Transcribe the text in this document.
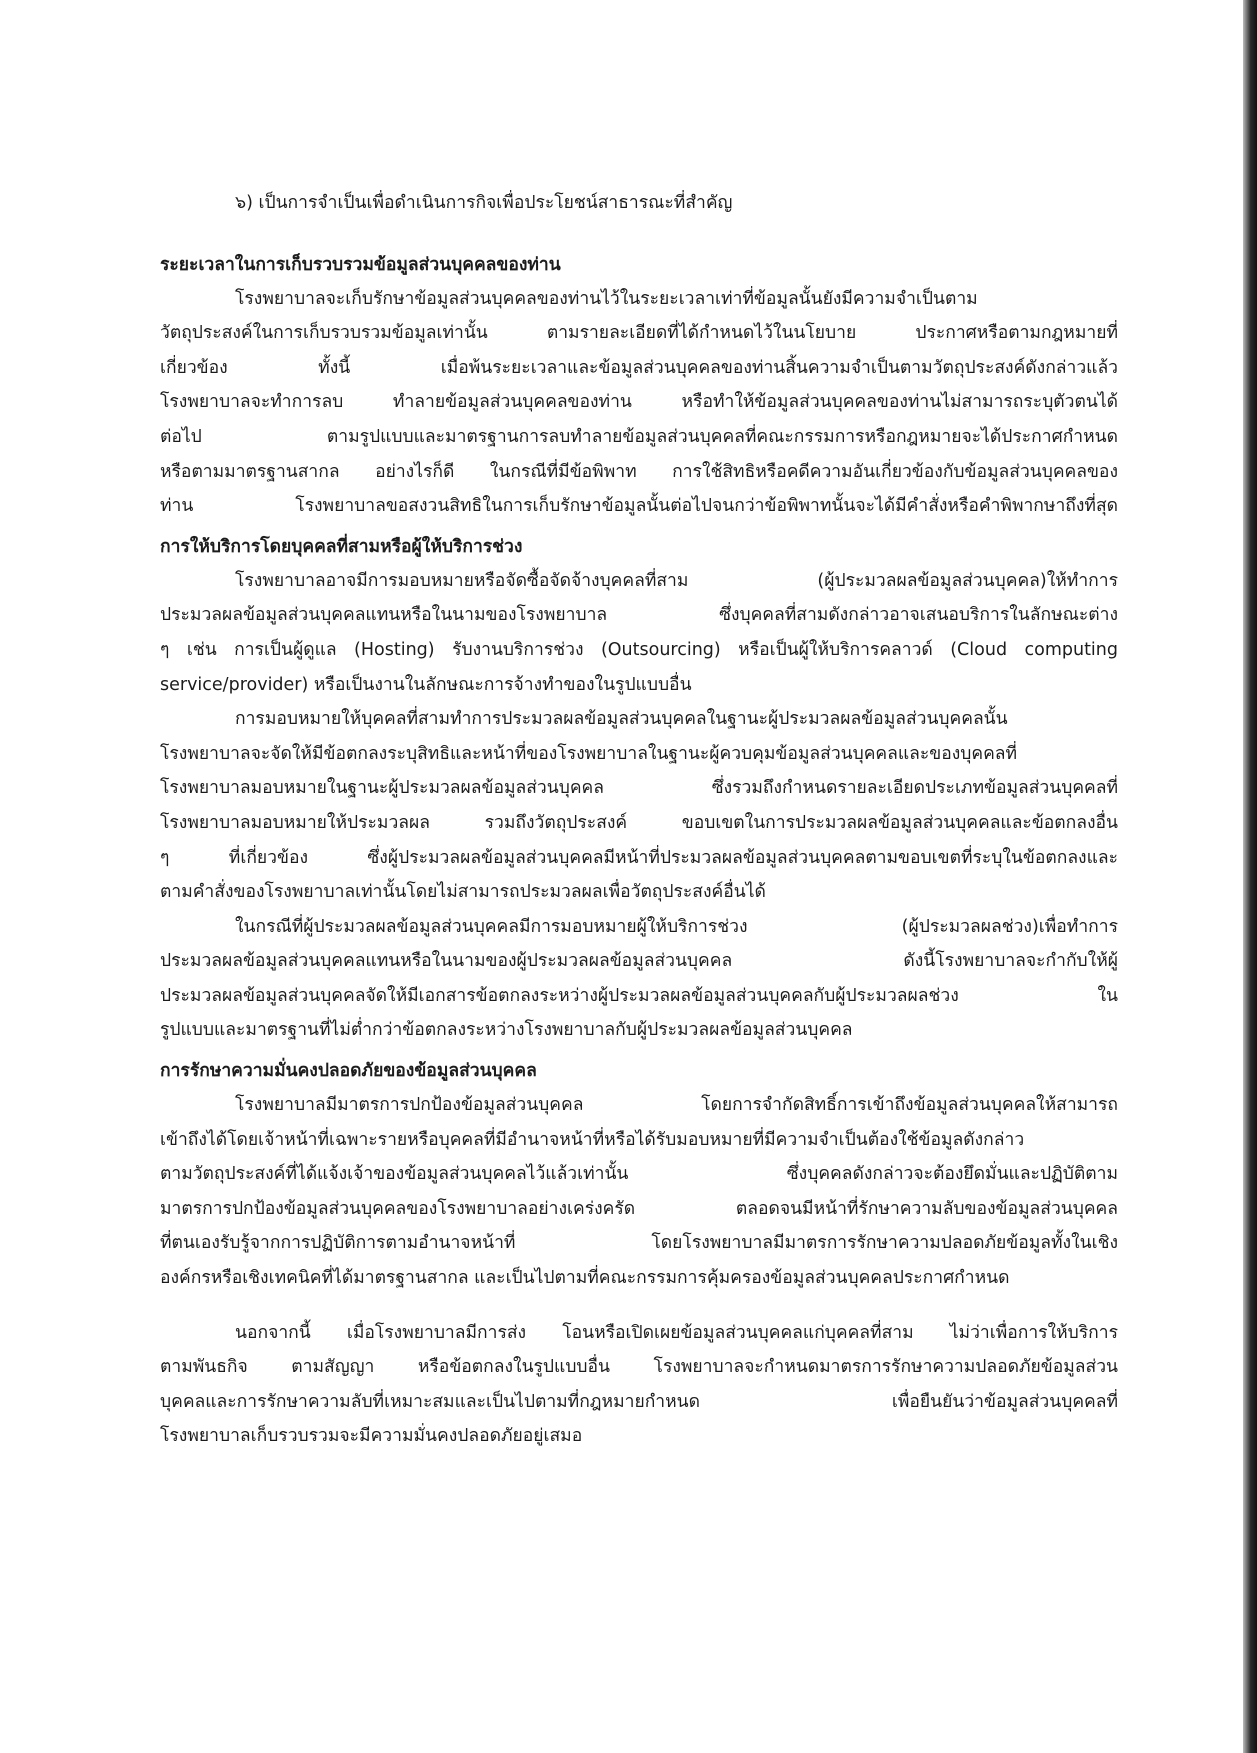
๖) เป็นการจำเป็นเพื่อดำเนินการกิจเพื่อประโยชน์สาธารณะที่สำคัญ

ระยะเวลาในการเก็บรวบรวมข้อมูลส่วนบุคคลของท่าน

โรงพยาบาลจะเก็บรักษาข้อมูลส่วนบุคคลของท่านไว้ในระยะเวลาเท่าที่ข้อมูลนั้นยังมีความจำเป็นตาม

วัตถุประสงค์ในการเก็บรวบรวมข้อมูลเท่านั้น ตามรายละเอียดที่ได้กำหนดไว้ในนโยบาย ประกาศหรือตามกฎหมายที่

เกี่ยวข้อง ทั้งนี้ เมื่อพ้นระยะเวลาและข้อมูลส่วนบุคคลของท่านสิ้นความจำเป็นตามวัตถุประสงค์ดังกล่าวแล้ว

โรงพยาบาลจะทำการลบ ทำลายข้อมูลส่วนบุคคลของท่าน หรือทำให้ข้อมูลส่วนบุคคลของท่านไม่สามารถระบุตัวตนได้

ต่อไป ตามรูปแบบและมาตรฐานการลบทำลายข้อมูลส่วนบุคคลที่คณะกรรมการหรือกฎหมายจะได้ประกาศกำหนด

หรือตามมาตรฐานสากล อย่างไรก็ดี ในกรณีที่มีข้อพิพาท การใช้สิทธิหรือคดีความอันเกี่ยวข้องกับข้อมูลส่วนบุคคลของ

ท่าน โรงพยาบาลขอสงวนสิทธิในการเก็บรักษาข้อมูลนั้นต่อไปจนกว่าข้อพิพาทนั้นจะได้มีคำสั่งหรือคำพิพากษาถึงที่สุด

การให้บริการโดยบุคคลที่สามหรือผู้ให้บริการช่วง

โรงพยาบาลอาจมีการมอบหมายหรือจัดซื้อจัดจ้างบุคคลที่สาม (ผู้ประมวลผลข้อมูลส่วนบุคคล)ให้ทำการ

ประมวลผลข้อมูลส่วนบุคคลแทนหรือในนามของโรงพยาบาล ซึ่งบุคคลที่สามดังกล่าวอาจเสนอบริการในลักษณะต่าง

ๆ เช่น การเป็นผู้ดูแล (Hosting) รับงานบริการช่วง (Outsourcing) หรือเป็นผู้ให้บริการคลาวด์ (Cloud computing

service/provider) หรือเป็นงานในลักษณะการจ้างทำของในรูปแบบอื่น

การมอบหมายให้บุคคลที่สามทำการประมวลผลข้อมูลส่วนบุคคลในฐานะผู้ประมวลผลข้อมูลส่วนบุคคลนั้น

โรงพยาบาลจะจัดให้มีข้อตกลงระบุสิทธิและหน้าที่ของโรงพยาบาลในฐานะผู้ควบคุมข้อมูลส่วนบุคคลและของบุคคลที่

โรงพยาบาลมอบหมายในฐานะผู้ประมวลผลข้อมูลส่วนบุคคล ซึ่งรวมถึงกำหนดรายละเอียดประเภทข้อมูลส่วนบุคคลที่

โรงพยาบาลมอบหมายให้ประมวลผล รวมถึงวัตถุประสงค์ ขอบเขตในการประมวลผลข้อมูลส่วนบุคคลและข้อตกลงอื่น

ๆ ที่เกี่ยวข้อง ซึ่งผู้ประมวลผลข้อมูลส่วนบุคคลมีหน้าที่ประมวลผลข้อมูลส่วนบุคคลตามขอบเขตที่ระบุในข้อตกลงและ

ตามคำสั่งของโรงพยาบาลเท่านั้นโดยไม่สามารถประมวลผลเพื่อวัตถุประสงค์อื่นได้

ในกรณีที่ผู้ประมวลผลข้อมูลส่วนบุคคลมีการมอบหมายผู้ให้บริการช่วง (ผู้ประมวลผลช่วง)เพื่อทำการ

ประมวลผลข้อมูลส่วนบุคคลแทนหรือในนามของผู้ประมวลผลข้อมูลส่วนบุคคล ดังนี้โรงพยาบาลจะกำกับให้ผู้

ประมวลผลข้อมูลส่วนบุคคลจัดให้มีเอกสารข้อตกลงระหว่างผู้ประมวลผลข้อมูลส่วนบุคคลกับผู้ประมวลผลช่วง ใน

รูปแบบและมาตรฐานที่ไม่ต่ำกว่าข้อตกลงระหว่างโรงพยาบาลกับผู้ประมวลผลข้อมูลส่วนบุคคล

การรักษาความมั่นคงปลอดภัยของข้อมูลส่วนบุคคล

โรงพยาบาลมีมาตรการปกป้องข้อมูลส่วนบุคคล โดยการจำกัดสิทธิ์การเข้าถึงข้อมูลส่วนบุคคลให้สามารถ

เข้าถึงได้โดยเจ้าหน้าที่เฉพาะรายหรือบุคคลที่มีอำนาจหน้าที่หรือได้รับมอบหมายที่มีความจำเป็นต้องใช้ข้อมูลดังกล่าว

ตามวัตถุประสงค์ที่ได้แจ้งเจ้าของข้อมูลส่วนบุคคลไว้แล้วเท่านั้น ซึ่งบุคคลดังกล่าวจะต้องยึดมั่นและปฏิบัติตาม

มาตรการปกป้องข้อมูลส่วนบุคคลของโรงพยาบาลอย่างเคร่งครัด ตลอดจนมีหน้าที่รักษาความลับของข้อมูลส่วนบุคคล

ที่ตนเองรับรู้จากการปฏิบัติการตามอำนาจหน้าที่ โดยโรงพยาบาลมีมาตรการรักษาความปลอดภัยข้อมูลทั้งในเชิง

องค์กรหรือเชิงเทคนิคที่ได้มาตรฐานสากล และเป็นไปตามที่คณะกรรมการคุ้มครองข้อมูลส่วนบุคคลประกาศกำหนด

นอกจากนี้ เมื่อโรงพยาบาลมีการส่ง โอนหรือเปิดเผยข้อมูลส่วนบุคคลแก่บุคคลที่สาม ไม่ว่าเพื่อการให้บริการ

ตามพันธกิจ ตามสัญญา หรือข้อตกลงในรูปแบบอื่น โรงพยาบาลจะกำหนดมาตรการรักษาความปลอดภัยข้อมูลส่วน

บุคคลและการรักษาความลับที่เหมาะสมและเป็นไปตามที่กฎหมายกำหนด เพื่อยืนยันว่าข้อมูลส่วนบุคคลที่

โรงพยาบาลเก็บรวบรวมจะมีความมั่นคงปลอดภัยอยู่เสมอ
